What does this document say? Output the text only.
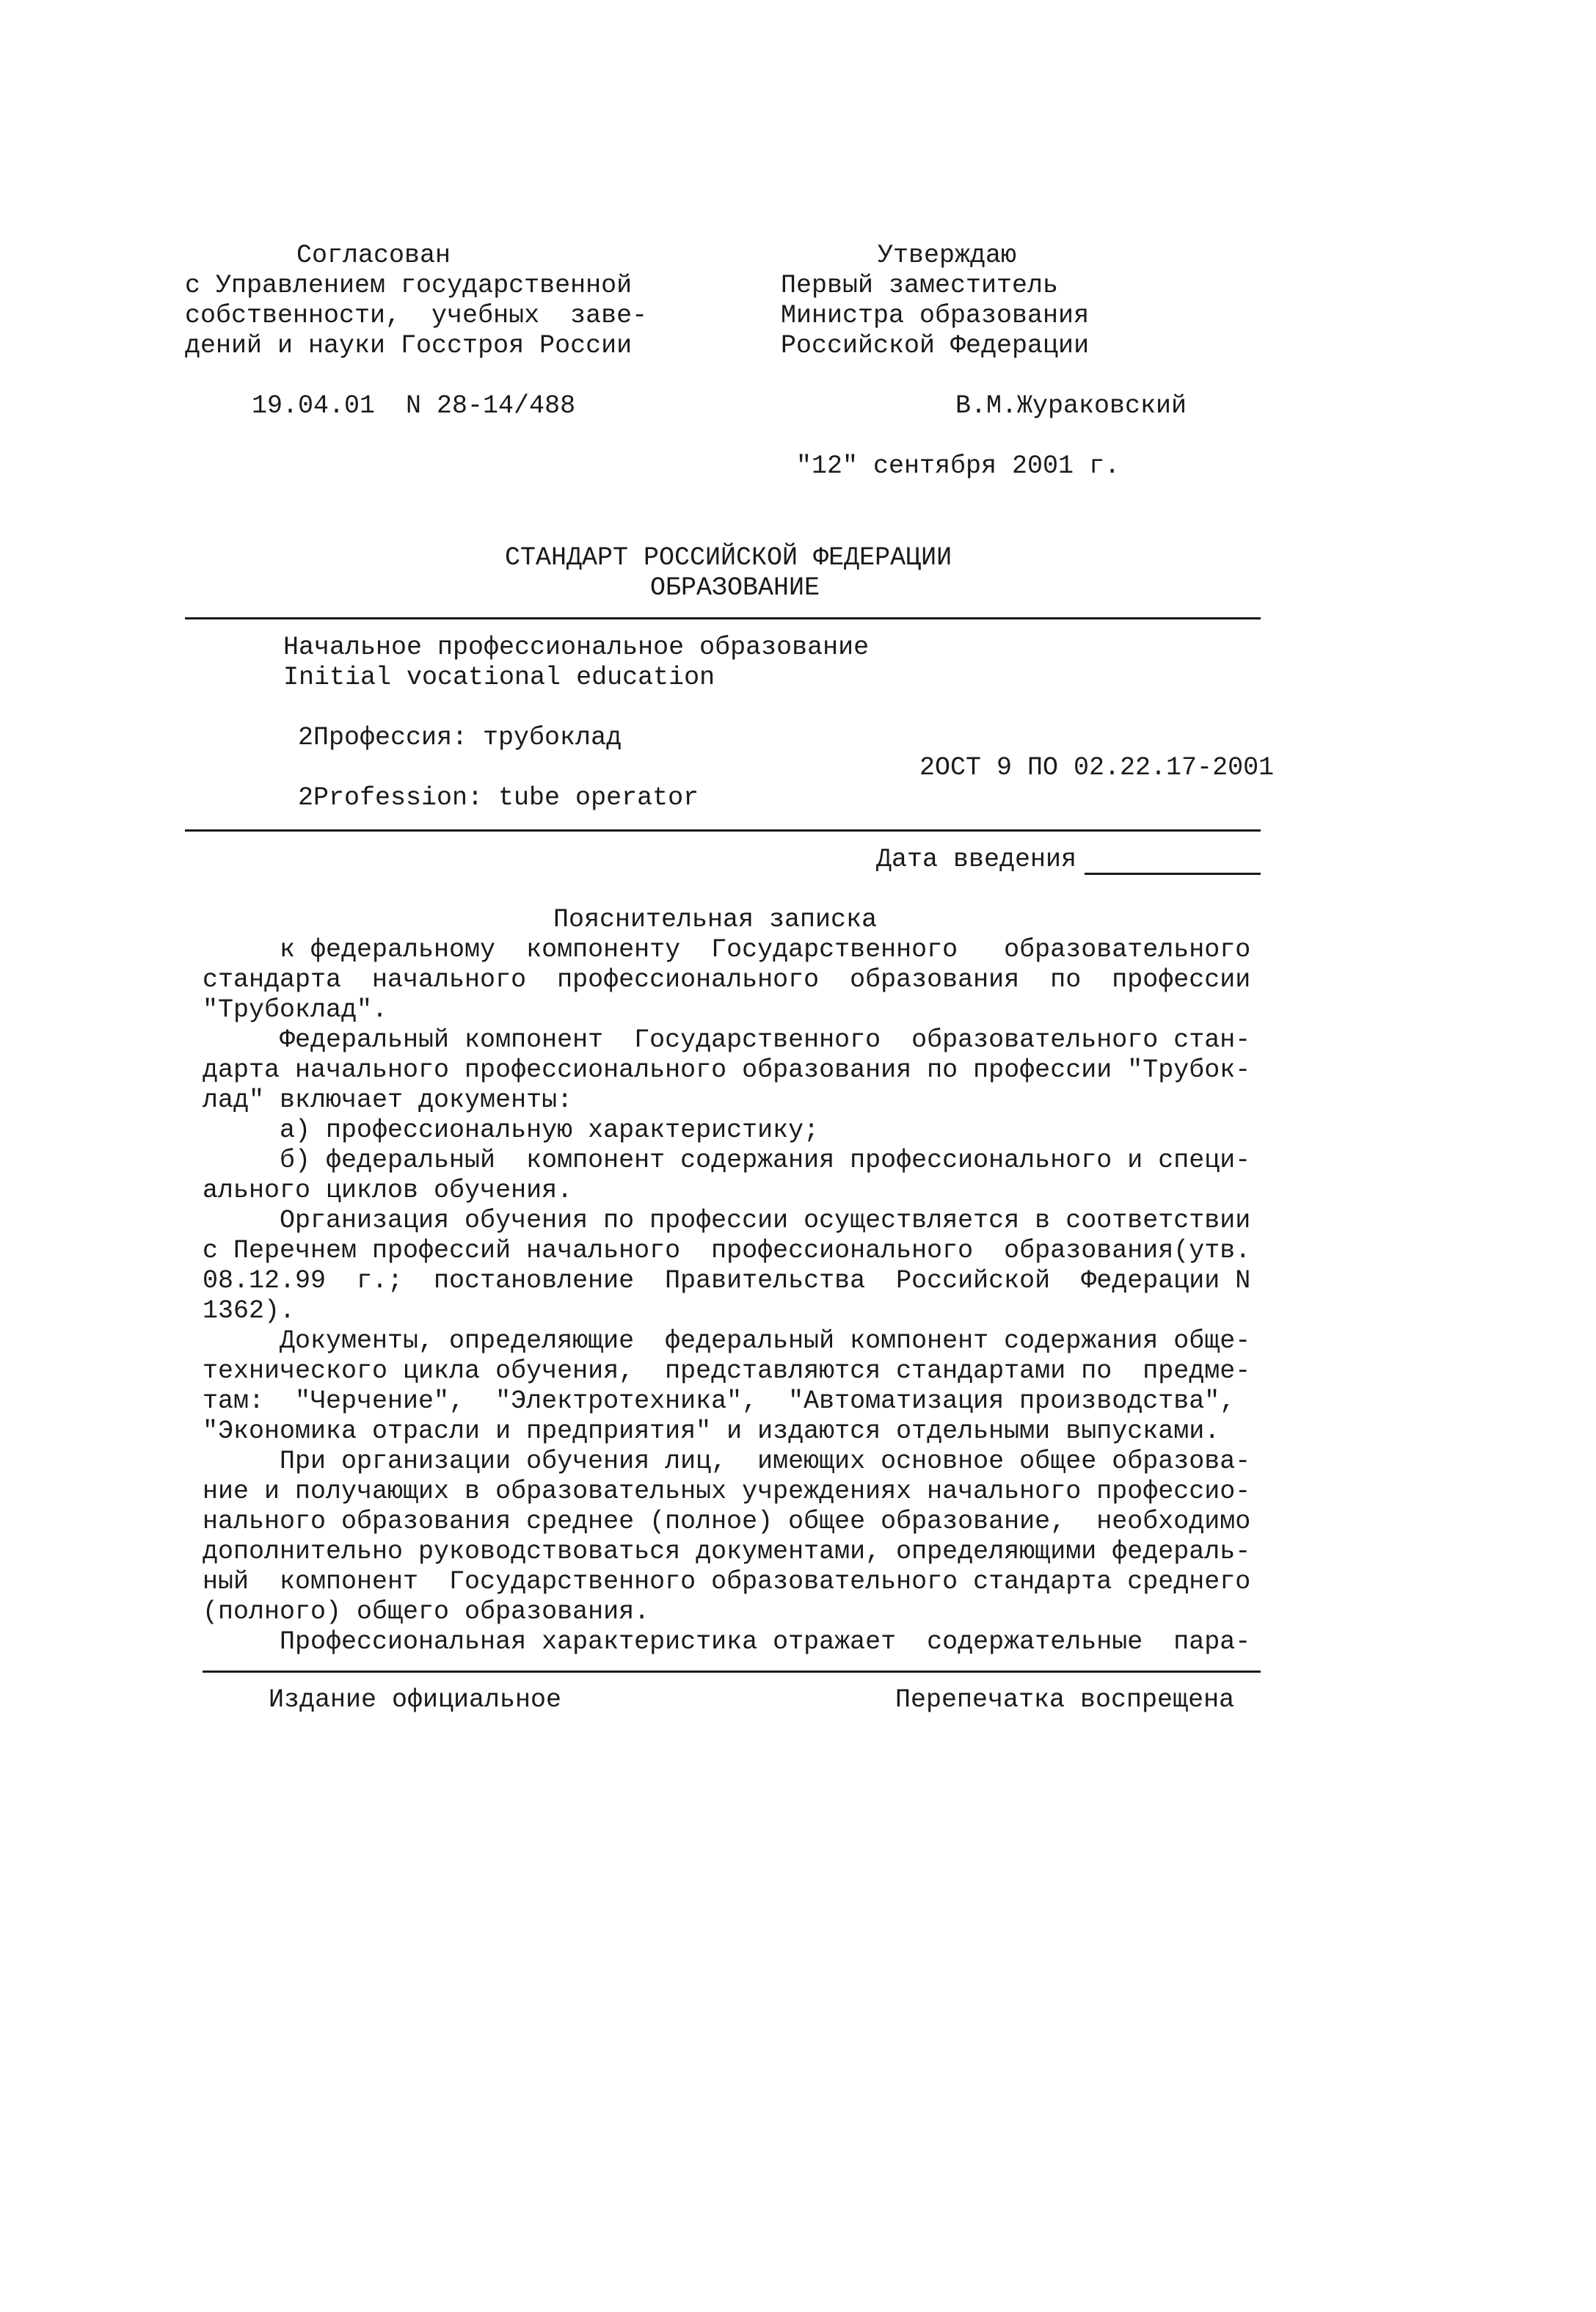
Согласован
с Управлением государственной
собственности,  учебных  заве-
дений и науки Госстроя России
19.04.01  N 28-14/488
Утверждаю
Первый заместитель
Министра образования
Российской Федерации
В.М.Жураковский
"12" сентября 2001 г.
СТАНДАРТ РОССИЙСКОЙ ФЕДЕРАЦИИ
ОБРАЗОВАНИЕ
Начальное профессиональное образование
Initial vocational education
2Профессия: трубоклад
2ОСТ 9 ПО 02.22.17-2001
2Profession: tube operator
Дата введения
Пояснительная записка
к федеральному  компоненту  Государственного   образовательного
стандарта  начального  профессионального  образования  по  профессии
"Трубоклад".
Федеральный компонент  Государственного  образовательного стан-
дарта начального профессионального образования по профессии "Трубок-
лад" включает документы:
а) профессиональную характеристику;
б) федеральный  компонент содержания профессионального и специ-
ального циклов обучения.
Организация обучения по профессии осуществляется в соответствии
с Перечнем профессий начального  профессионального  образования(утв.
08.12.99  г.;  постановление  Правительства  Российской  Федерации N
1362).
Документы, определяющие  федеральный компонент содержания обще-
технического цикла обучения,  представляются стандартами по  предме-
там:  "Черчение",  "Электротехника",  "Автоматизация производства",
"Экономика отрасли и предприятия" и издаются отдельными выпусками.
При организации обучения лиц,  имеющих основное общее образова-
ние и получающих в образовательных учреждениях начального профессио-
нального образования среднее (полное) общее образование,  необходимо
дополнительно руководствоваться документами, определяющими федераль-
ный  компонент  Государственного образовательного стандарта среднего
(полного) общего образования.
Профессиональная характеристика отражает  содержательные  пара-
Издание официальное	Перепечатка воспрещена
